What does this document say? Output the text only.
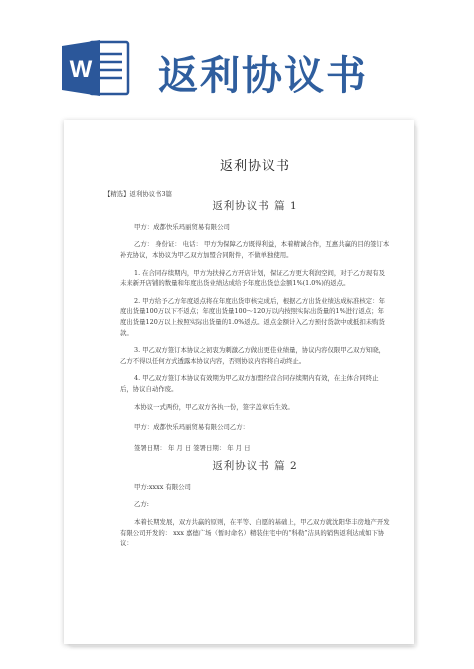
W 返利协议书
返利协议书
【精选】返利协议书3篇
返利协议书 篇 1

甲方：成都快乐玛丽贸易有限公司

乙方： 身份证： 电话： 甲方为保障乙方既得利益，本着精诚合作，互惠共赢的目的签订本补充协议，本协议为甲乙双方加盟合同附件，不做单独使用。

1. 在合同存续期内，甲方为扶持乙方开店计划，保证乙方更大利润空间，对于乙方现有及未来新开店铺的数量和年度出货业绩达成给予年度出货总金额1%(1.0%)的返点。

2. 甲方给予乙方年度返点将在年度出货审核完成后，根据乙方出货业绩达成标准核定：年度出货量100万以下不返点；年度出货量100～120万以内按照实际出货量的1%进行返点；年度出货量120万以上按照实际出货量的1.0%返点。返点金额计入乙方预付货款中或抵扣未购货款。

3. 甲乙双方签订本协议之初衷为刺激乙方做出更佳业绩量，协议内容仅限甲乙双方知晓，乙方不得以任何方式透露本协议内容，否则协议内容将自动终止。

4. 甲乙双方签订本协议有效期为甲乙双方加盟经营合同存续期内有效，在主体合同终止后，协议自动作废。

本协议一式两份，甲乙双方各执一份，签字盖章后生效。

甲方：成都快乐玛丽贸易有限公司乙方：
签署日期： 年 月 日 签署日期： 年 月 日
返利协议书 篇 2

甲方:xxxx 有限公司

乙方:

本着长期发展，双方共赢的原则，在平等、自愿的基础上，甲乙双方就沈阳华丰房地产开发有限公司开发的： xxx 嘉德广场（暂时命名）精装住宅中的“科勒”洁具的销售返利达成如下协议：
